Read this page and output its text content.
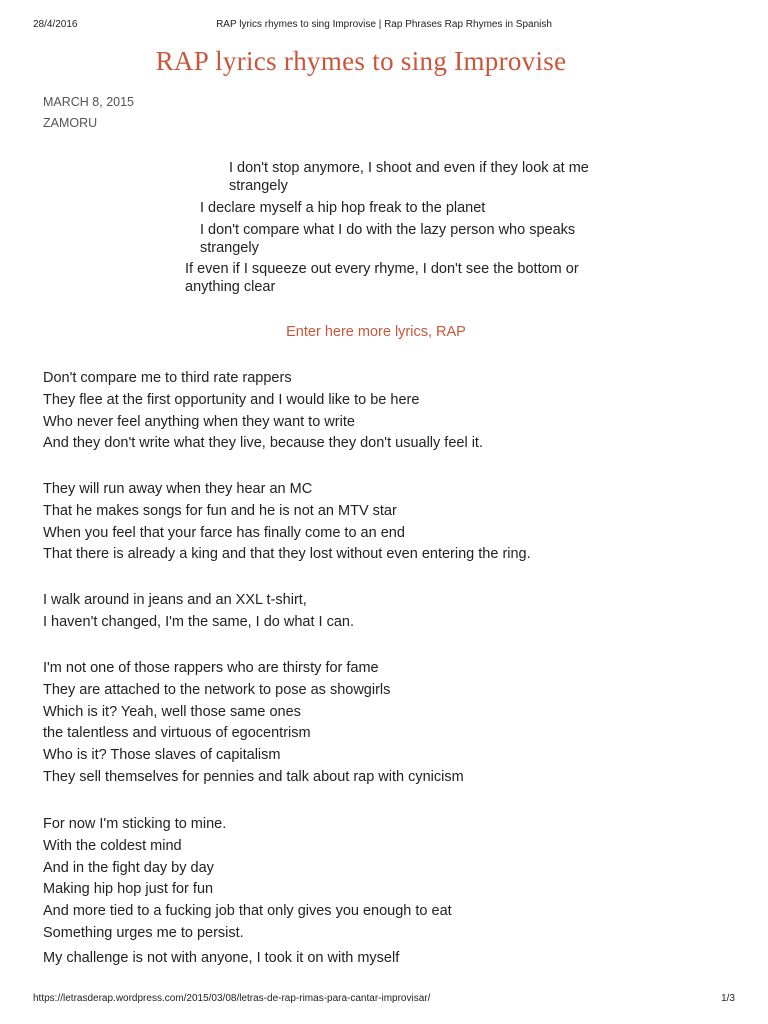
28/4/2016	RAP lyrics rhymes to sing Improvise | Rap Phrases Rap Rhymes in Spanish
RAP lyrics rhymes to sing Improvise
MARCH 8, 2015
ZAMORU
I don't stop anymore, I shoot and even if they look at me strangely
I declare myself a hip hop freak to the planet
I don't compare what I do with the lazy person who speaks strangely
If even if I squeeze out every rhyme, I don't see the bottom or anything clear
Enter here more lyrics, RAP
Don't compare me to third rate rappers
They flee at the first opportunity and I would like to be here
Who never feel anything when they want to write
And they don't write what they live, because they don't usually feel it.
They will run away when they hear an MC
That he makes songs for fun and he is not an MTV star
When you feel that your farce has finally come to an end
That there is already a king and that they lost without even entering the ring.
I walk around in jeans and an XXL t-shirt,
I haven't changed, I'm the same, I do what I can.
I'm not one of those rappers who are thirsty for fame
They are attached to the network to pose as showgirls
Which is it? Yeah, well those same ones
the talentless and virtuous of egocentrism
Who is it? Those slaves of capitalism
They sell themselves for pennies and talk about rap with cynicism
For now I'm sticking to mine.
With the coldest mind
And in the fight day by day
Making hip hop just for fun
And more tied to a fucking job that only gives you enough to eat
Something urges me to persist.
My challenge is not with anyone, I took it on with myself
https://letrasderap.wordpress.com/2015/03/08/letras-de-rap-rimas-para-cantar-improvisar/	1/3
